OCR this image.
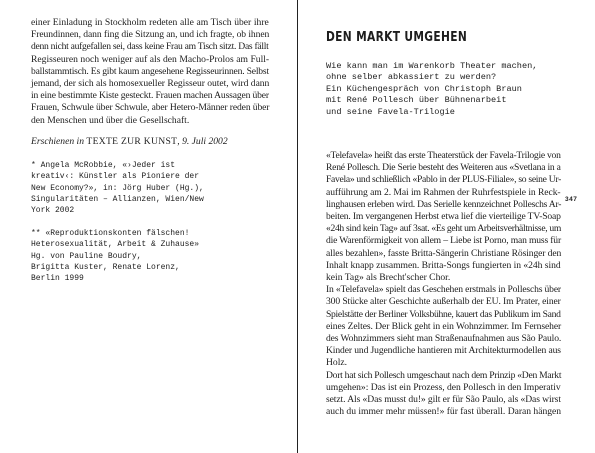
einer Einladung in Stockholm redeten alle am Tisch über ihre
Freundinnen, dann fing die Sitzung an, und ich fragte, ob ihnen
denn nicht aufgefallen sei, dass keine Frau am Tisch sitzt. Das fällt
Regisseuren noch weniger auf als den Macho-Prolos am Full-
ballstammtisch. Es gibt kaum angesehene Regisseurinnen. Selbst
jemand, der sich als homosexueller Regisseur outet, wird dann
in eine bestimmte Kiste gesteckt. Frauen machen Aussagen über
Frauen, Schwule über Schwule, aber Hetero-Männer reden über
den Menschen und über die Gesellschaft.

Erschienen in TEXTE ZUR KUNST, 9. Juli 2002

* Angela McRobbie, «›Jeder ist
kreativ‹: Künstler als Pioniere der
New Economy?», in: Jörg Huber (Hg.),
Singularitäten – Allianzen, Wien/New
York 2002
** «Reproduktionskonten fälschen!
Heterosexualität, Arbeit & Zuhause»
Hg. von Pauline Boudry,
Brigitta Kuster, Renate Lorenz,
Berlin 1999
DEN MARKT UMGEHEN
Wie kann man im Warenkorb Theater machen,
ohne selber abkassiert zu werden?
Ein Küchengespräch von Christoph Braun
mit René Pollesch über Bühnenarbeit
und seine Favela-Trilogie

347

«Telefavela» heißt das erste Theaterstück der Favela-Trilogie von
René Pollesch. Die Serie besteht des Weiteren aus «Svetlana in a
Favela» und schließlich «Pablo in der PLUS-Filiale», so seine Ur-
aufführung am 2. Mai im Rahmen der Ruhrfestspiele in Reck-
linghausen erleben wird. Das Serielle kennzeichnet Polleschs Ar-
beiten. Im vergangenen Herbst etwa lief die vierteilige TV-Soap
«24h sind kein Tag» auf 3sat. «Es geht um Arbeitsverhältnisse, um
die Warenförmigkeit von allem – Liebe ist Porno, man muss für
alles bezahlen», fasste Britta-Sängerin Christiane Rösinger den
Inhalt knapp zusammen. Britta-Songs fungierten in «24h sind
kein Tag» als Brecht'scher Chor.
In «Telefavela» spielt das Geschehen erstmals in Polleschs über
300 Stücke alter Geschichte außerhalb der EU. Im Prater, einer
Spielstätte der Berliner Volksbühne, kauert das Publikum im Sand
eines Zeltes. Der Blick geht in ein Wohnzimmer. Im Fernseher
des Wohnzimmers sieht man Straßenaufnahmen aus São Paulo.
Kinder und Jugendliche hantieren mit Architekturmodellen aus
Holz.
Dort hat sich Pollesch umgeschaut nach dem Prinzip «Den Markt
umgehen»: Das ist ein Prozess, den Pollesch in den Imperativ
setzt. Als «Das musst du!» gilt er für São Paulo, als «Das wirst
auch du immer mehr müssen!» für fast überall. Daran hängen
